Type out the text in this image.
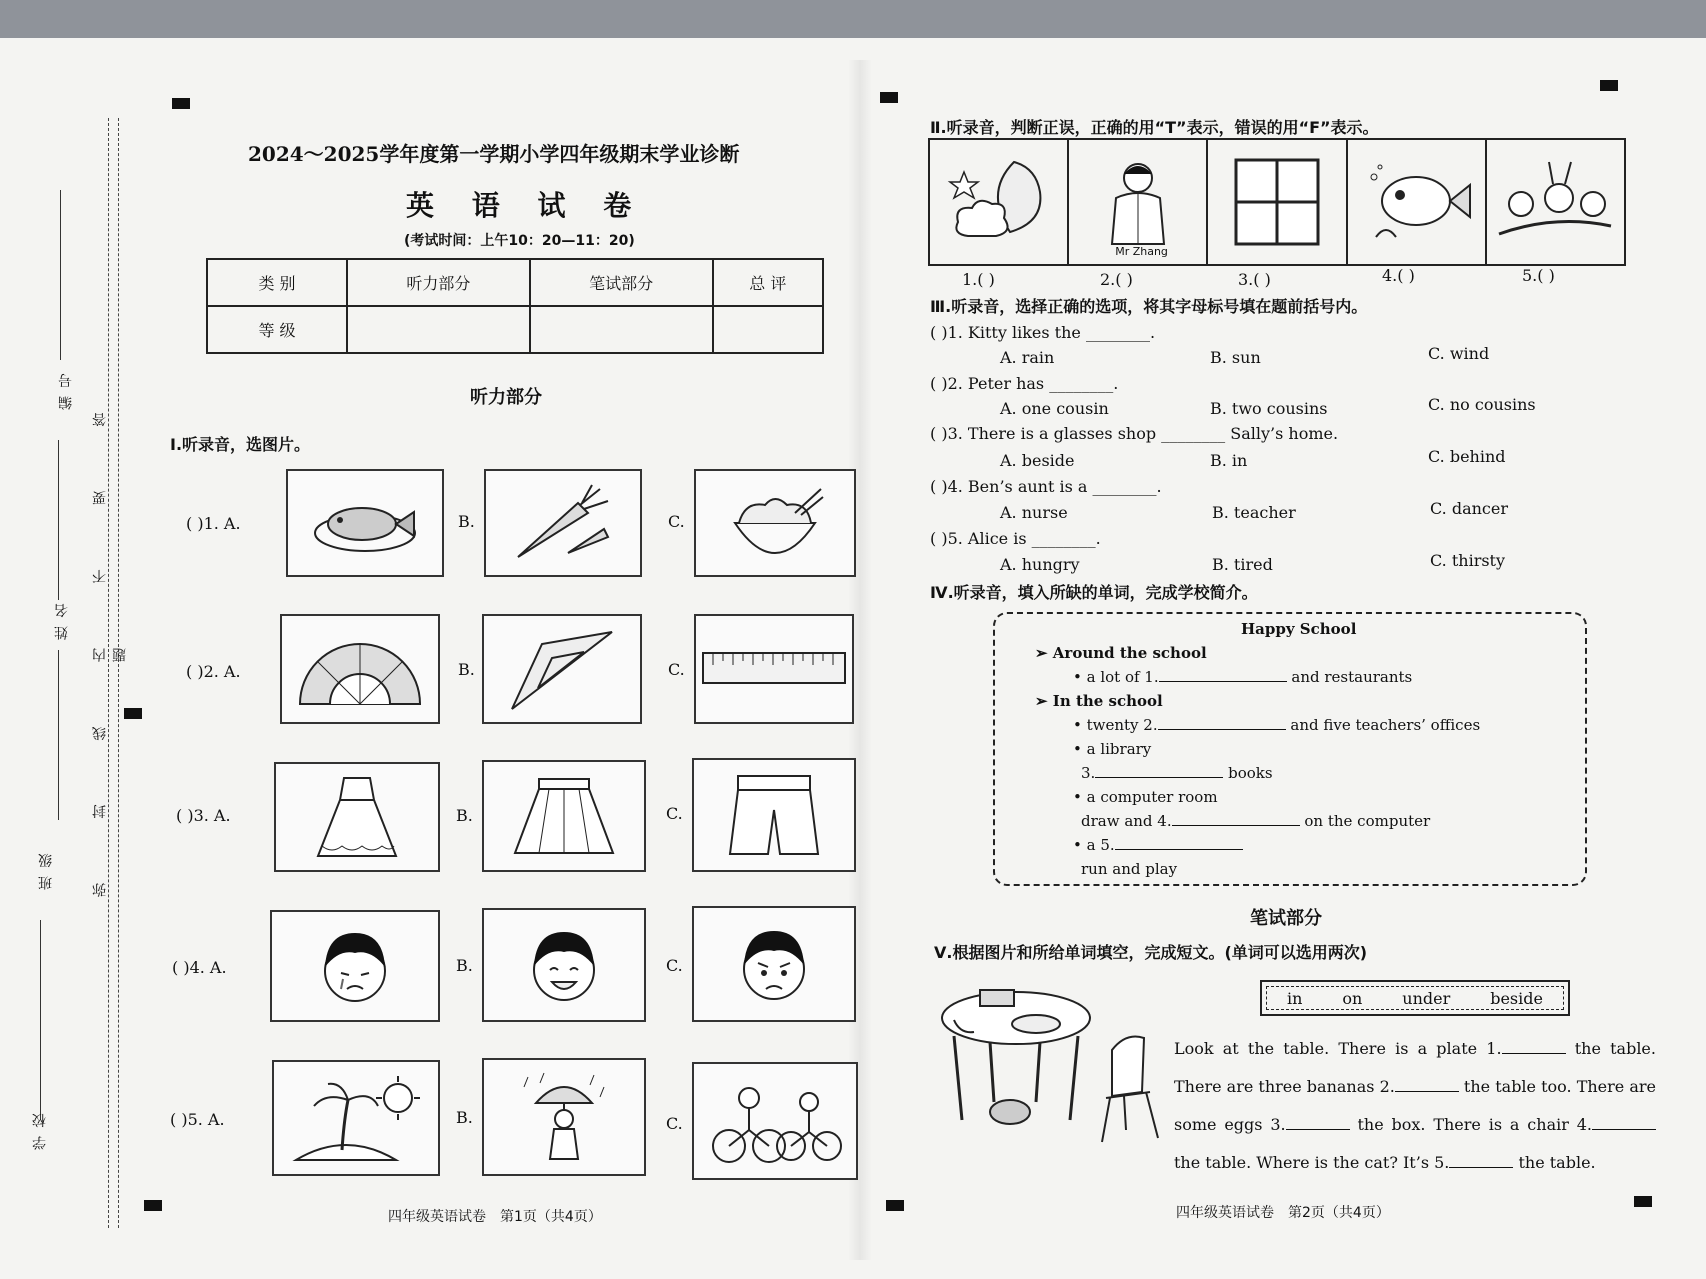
弥 封 线 内 不 要 答 题
编 号
姓 名
班 级
学 校
2024～2025学年度第一学期小学四年级期末学业诊断
英 语 试 卷
(考试时间：上午10：20—11：20)
类 别	听力部分	笔试部分	总 评
等 级			
听力部分
Ⅰ.听录音，选图片。
( )1. A.	B.	C.
( )2. A.	B.	C.
( )3. A.	B.	C.
( )4. A.	B.	C.
( )5. A.	B.	C.
四年级英语试卷　第1页（共4页）
Ⅱ.听录音，判断正误，正确的用“T”表示，错误的用“F”表示。
Mr Zhang
1.( )	2.( )	3.( )	4.( )	5.( )
Ⅲ.听录音，选择正确的选项，将其字母标号填在题前括号内。
( )1. Kitty likes the ________.
A. rain	B. sun	C. wind
( )2. Peter has ________.
A. one cousin	B. two cousins	C. no cousins
( )3. There is a glasses shop ________ Sally’s home.
A. beside	B. in	C. behind
( )4. Ben’s aunt is a ________.
A. nurse	B. teacher	C. dancer
( )5. Alice is ________.
A. hungry	B. tired	C. thirsty
Ⅳ.听录音，填入所缺的单词，完成学校简介。
Happy School
➢ Around the school
• a lot of 1.	and restaurants
➢ In the school
• twenty 2.	and five teachers’ offices
• a library
3.	books
• a computer room
draw and 4.	on the computer
• a 5.
run and play
笔试部分
Ⅴ.根据图片和所给单词填空，完成短文。(单词可以选用两次)
in on under beside
Look at the table. There is a plate 1.	the table. There are three bananas 2.	the table too. There are some eggs 3.	the box. There is a chair 4. the table. Where is the cat? It’s 5.	the table.
四年级英语试卷　第2页（共4页）
